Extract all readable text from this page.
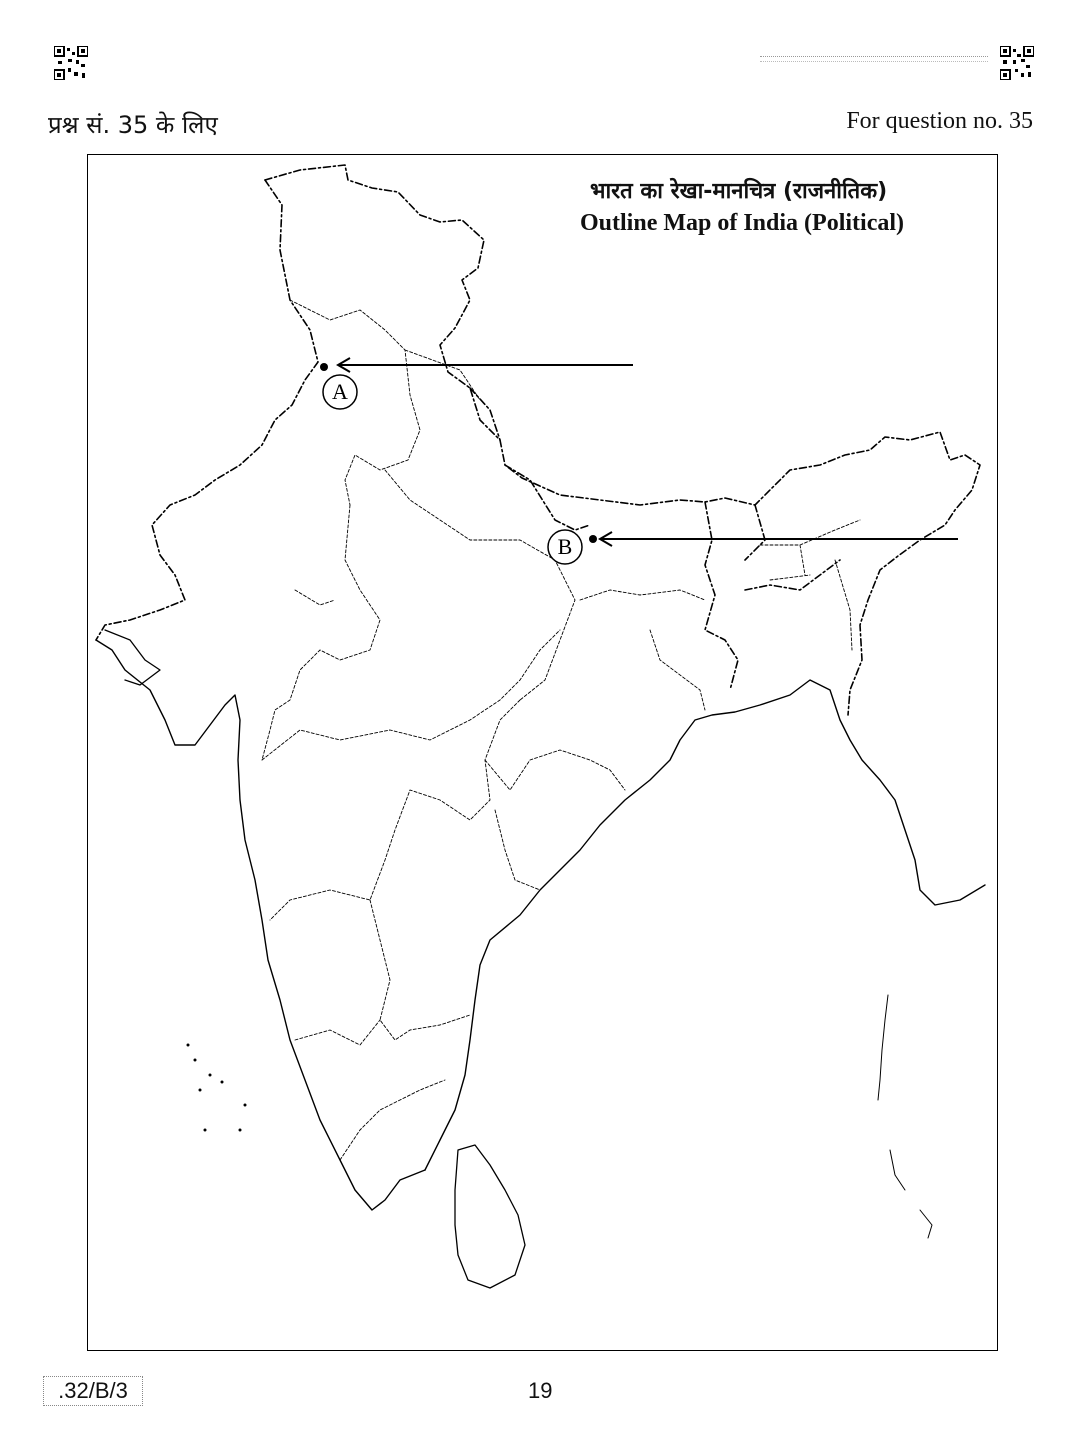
प्रश्न सं. 35 के लिए	For question no. 35
A
B
भारत का रेखा-मानचित्र (राजनीतिक)
Outline Map of India (Political)
.32/B/3	19
